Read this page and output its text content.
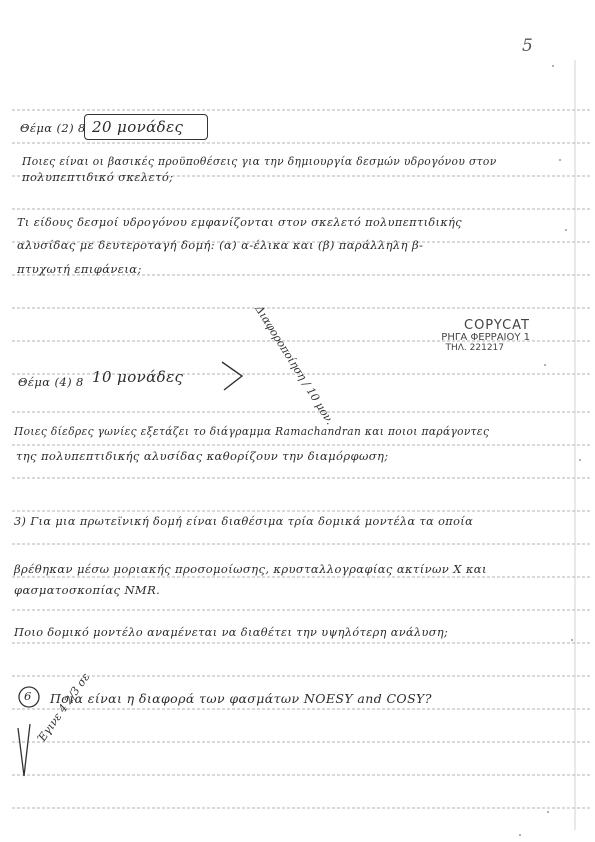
5
Θέμα (2) 8 20 μονάδες
Ποιες είναι οι βασικές προϋποθέσεις για την δημιουργία δεσμών υδρογόνου στον
πολυπεπτιδικό σκελετό;
Τι είδους δεσμοί υδρογόνου εμφανίζονται στον σκελετό πολυπεπτιδικής
αλυσίδας με δευτεροταγή δομή: (α) α-έλικα και (β) παράλληλη β-
πτυχωτή επιφάνεια;
COPYCAT
ΡΗΓΑ ΦΕΡΡΑΙΟΥ 1
ΤΗΛ. 221217
Διαφοροποίηση / 10 μον.
Θέμα (4) 8 10 μονάδες
Ποιες δίεδρες γωνίες εξετάζει το διάγραμμα Ramachandran και ποιοι παράγοντες
της πολυπεπτιδικής αλυσίδας καθορίζουν την διαμόρφωση;
3) Για μια πρωτεϊνική δομή είναι διαθέσιμα τρία δομικά μοντέλα τα οποία
βρέθηκαν μέσω μοριακής προσομοίωσης, κρυσταλλογραφίας ακτίνων Χ και
φασματοσκοπίας NMR.
Ποιο δομικό μοντέλο αναμένεται να διαθέτει την υψηλότερη ανάλυση;
6 Ποια είναι η διαφορά των φασμάτων NOESY and COSY?
Έγινε 4 2/3 σε
